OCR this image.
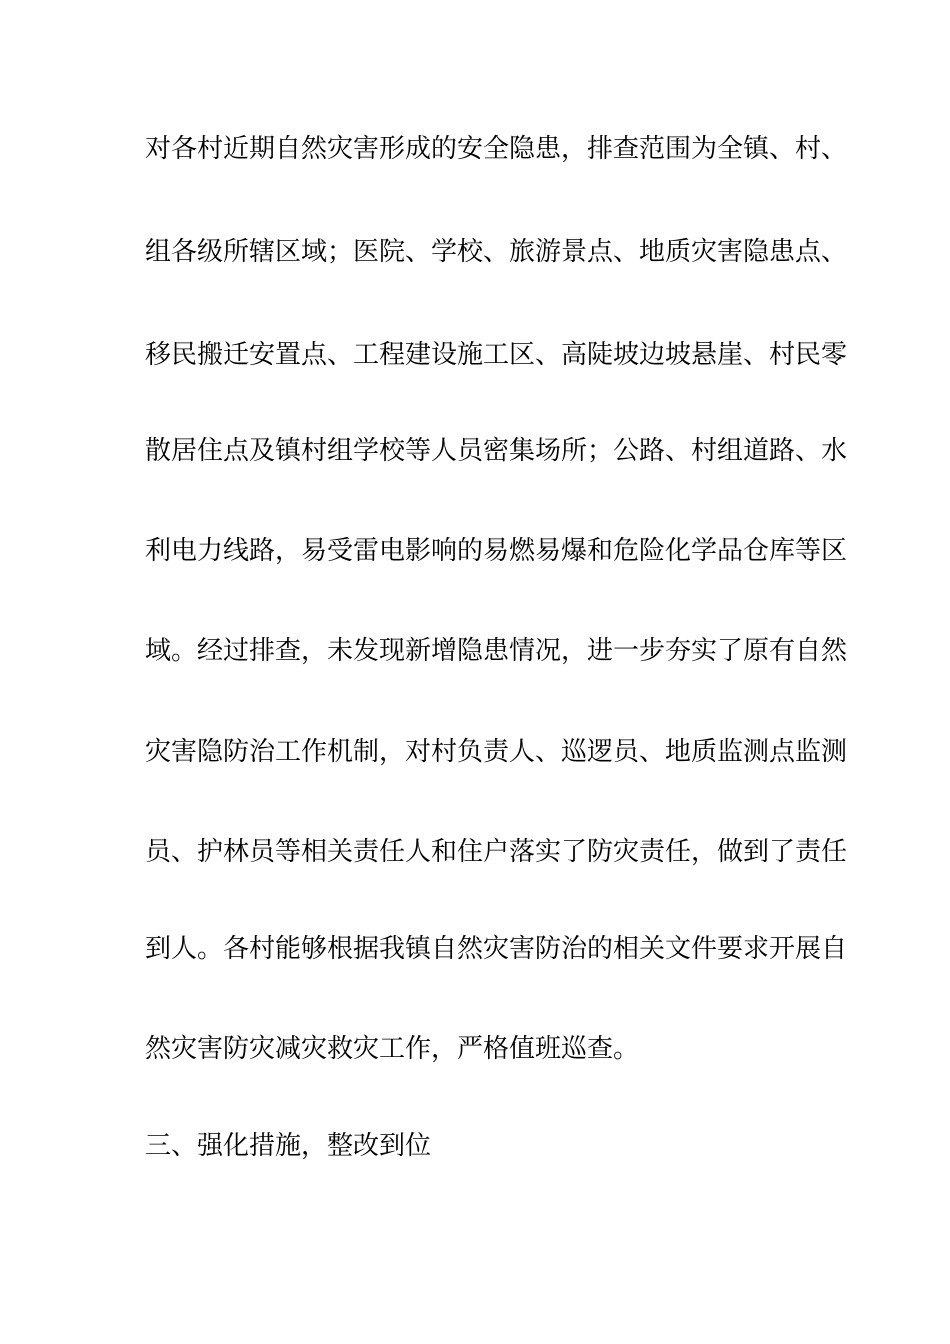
对各村近期自然灾害形成的安全隐患，排查范围为全镇、村、
组各级所辖区域；医院、学校、旅游景点、地质灾害隐患点、
移民搬迁安置点、工程建设施工区、高陡坡边坡悬崖、村民零
散居住点及镇村组学校等人员密集场所；公路、村组道路、水
利电力线路，易受雷电影响的易燃易爆和危险化学品仓库等区
域。经过排查，未发现新增隐患情况，进一步夯实了原有自然
灾害隐防治工作机制，对村负责人、巡逻员、地质监测点监测
员、护林员等相关责任人和住户落实了防灾责任，做到了责任
到人。各村能够根据我镇自然灾害防治的相关文件要求开展自
然灾害防灾减灾救灾工作，严格值班巡查。
三、强化措施，整改到位
